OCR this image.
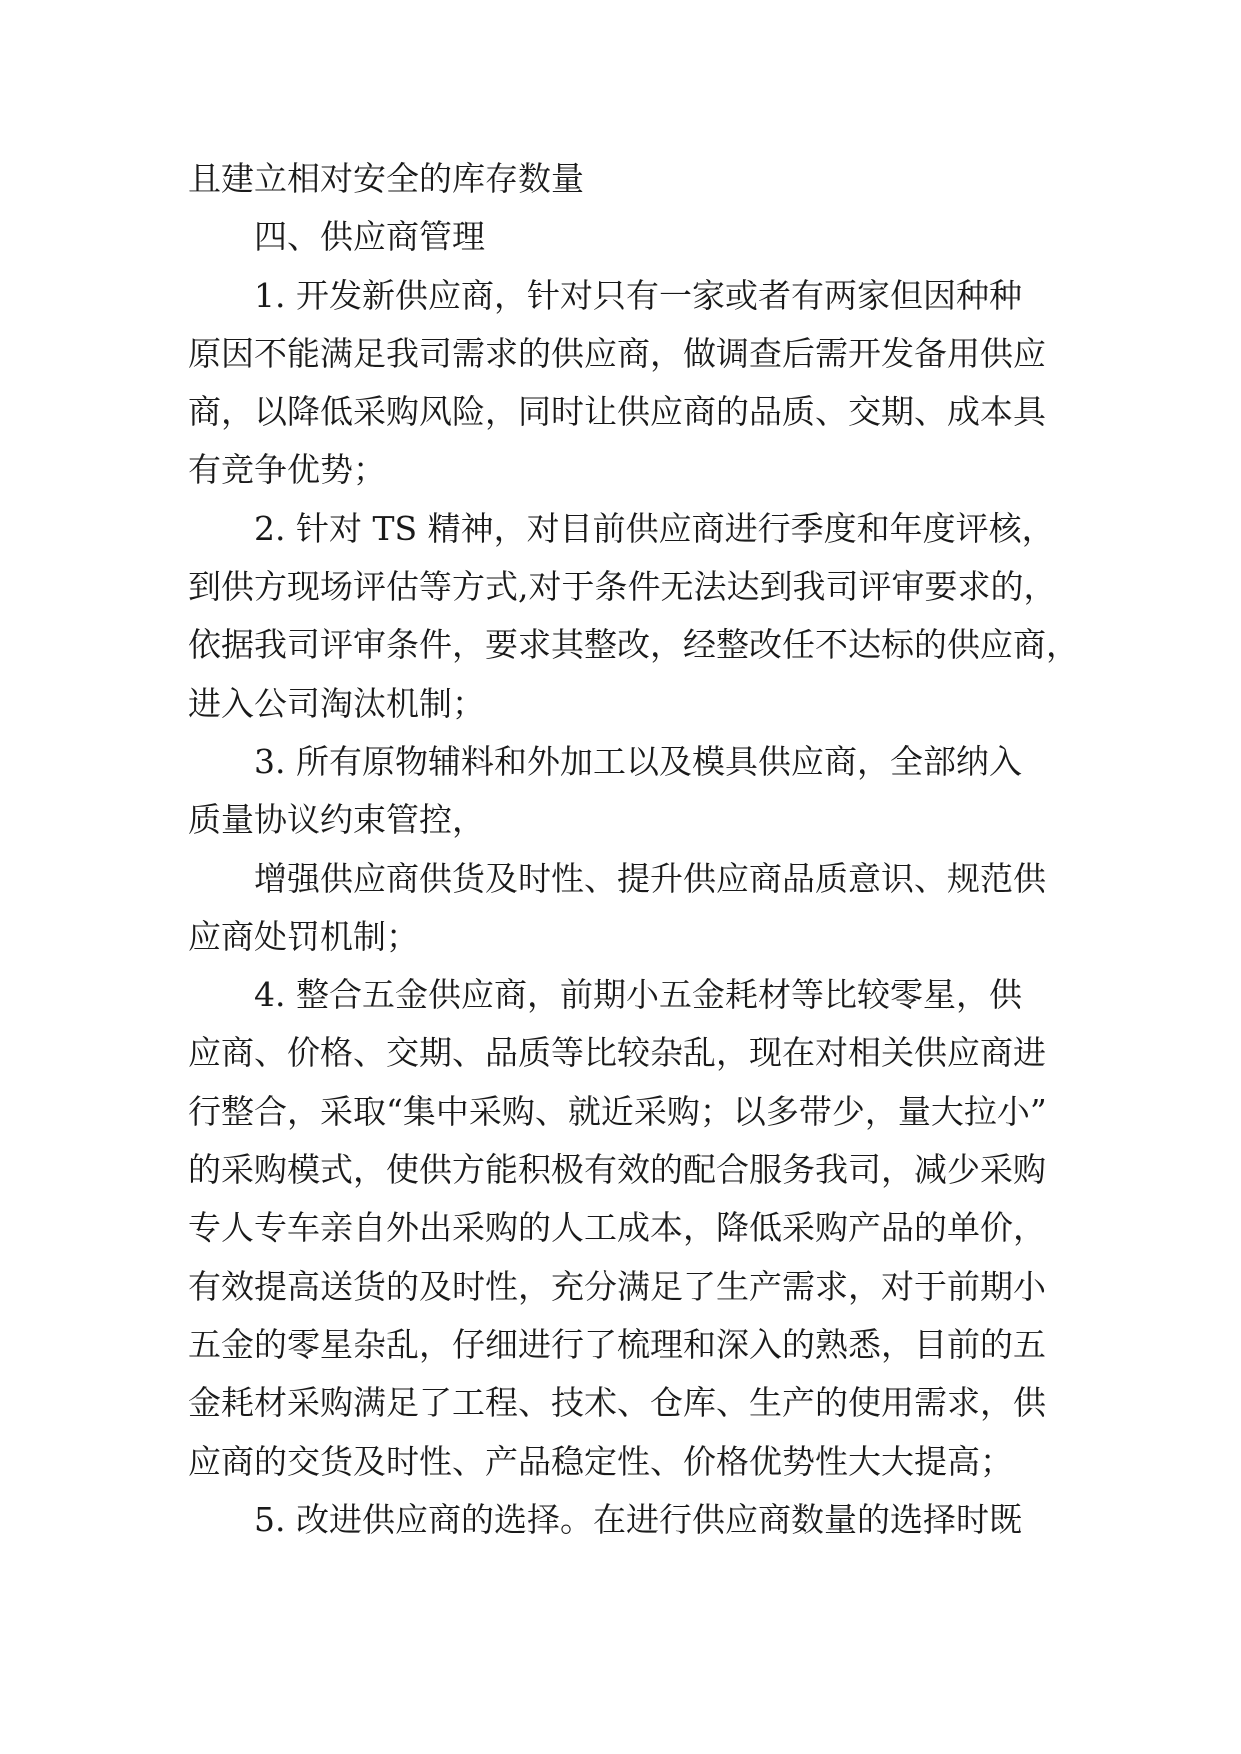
且建立相对安全的库存数量
四、供应商管理
1. 开发新供应商，针对只有一家或者有两家但因种种
原因不能满足我司需求的供应商，做调查后需开发备用供应
商，以降低采购风险，同时让供应商的品质、交期、成本具
有竞争优势；
2. 针对 TS 精神，对目前供应商进行季度和年度评核，
到供方现场评估等方式,对于条件无法达到我司评审要求的，
依据我司评审条件，要求其整改，经整改任不达标的供应商，
进入公司淘汰机制；
3. 所有原物辅料和外加工以及模具供应商，全部纳入
质量协议约束管控，
增强供应商供货及时性、提升供应商品质意识、规范供
应商处罚机制；
4. 整合五金供应商，前期小五金耗材等比较零星，供
应商、价格、交期、品质等比较杂乱，现在对相关供应商进
行整合，采取“集中采购、就近采购；以多带少，量大拉小”
的采购模式，使供方能积极有效的配合服务我司，减少采购
专人专车亲自外出采购的人工成本，降低采购产品的单价，
有效提高送货的及时性，充分满足了生产需求，对于前期小
五金的零星杂乱，仔细进行了梳理和深入的熟悉，目前的五
金耗材采购满足了工程、技术、仓库、生产的使用需求，供
应商的交货及时性、产品稳定性、价格优势性大大提高；
5. 改进供应商的选择。在进行供应商数量的选择时既
